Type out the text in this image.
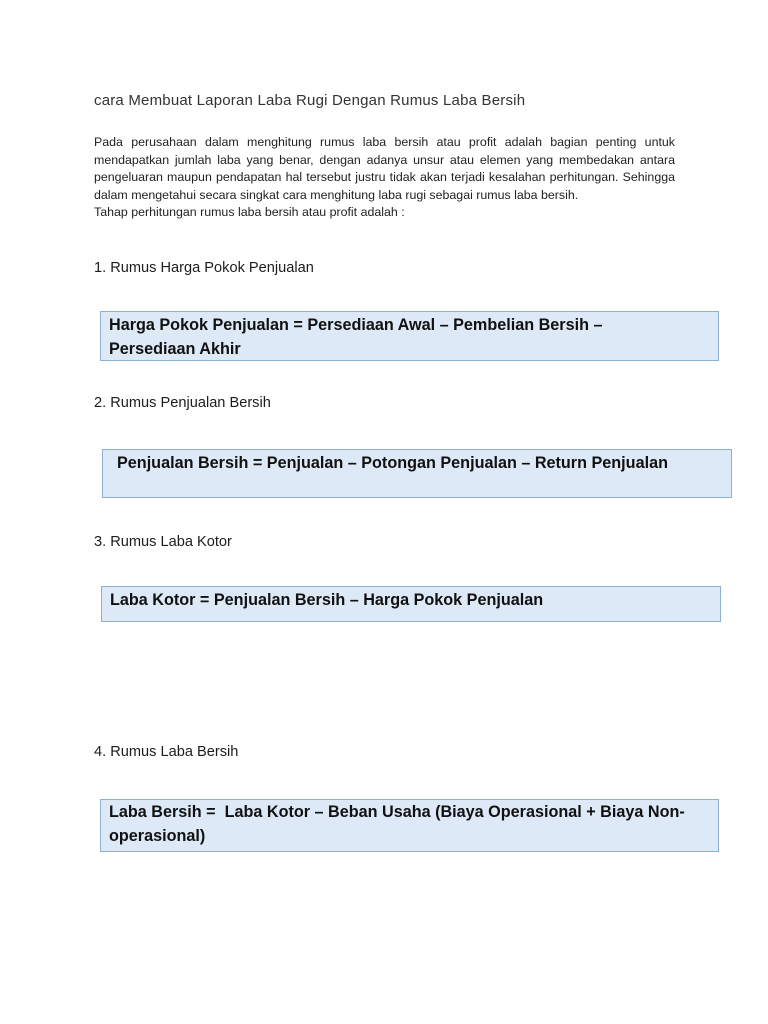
cara Membuat Laporan Laba Rugi Dengan Rumus Laba Bersih

Pada perusahaan dalam menghitung rumus laba bersih atau profit adalah bagian penting untuk mendapatkan jumlah laba yang benar, dengan adanya unsur atau elemen yang membedakan antara pengeluaran maupun pendapatan hal tersebut justru tidak akan terjadi kesalahan perhitungan. Sehingga dalam mengetahui secara singkat cara menghitung laba rugi sebagai rumus laba bersih.

Tahap perhitungan rumus laba bersih atau profit adalah :

1. Rumus Harga Pokok Penjualan
Harga Pokok Penjualan = Persediaan Awal – Pembelian Bersih – Persediaan Akhir
2. Rumus Penjualan Bersih
Penjualan Bersih = Penjualan – Potongan Penjualan – Return Penjualan
3. Rumus Laba Kotor
Laba Kotor = Penjualan Bersih – Harga Pokok Penjualan
4. Rumus Laba Bersih
Laba Bersih =  Laba Kotor – Beban Usaha (Biaya Operasional + Biaya Non-operasional)
